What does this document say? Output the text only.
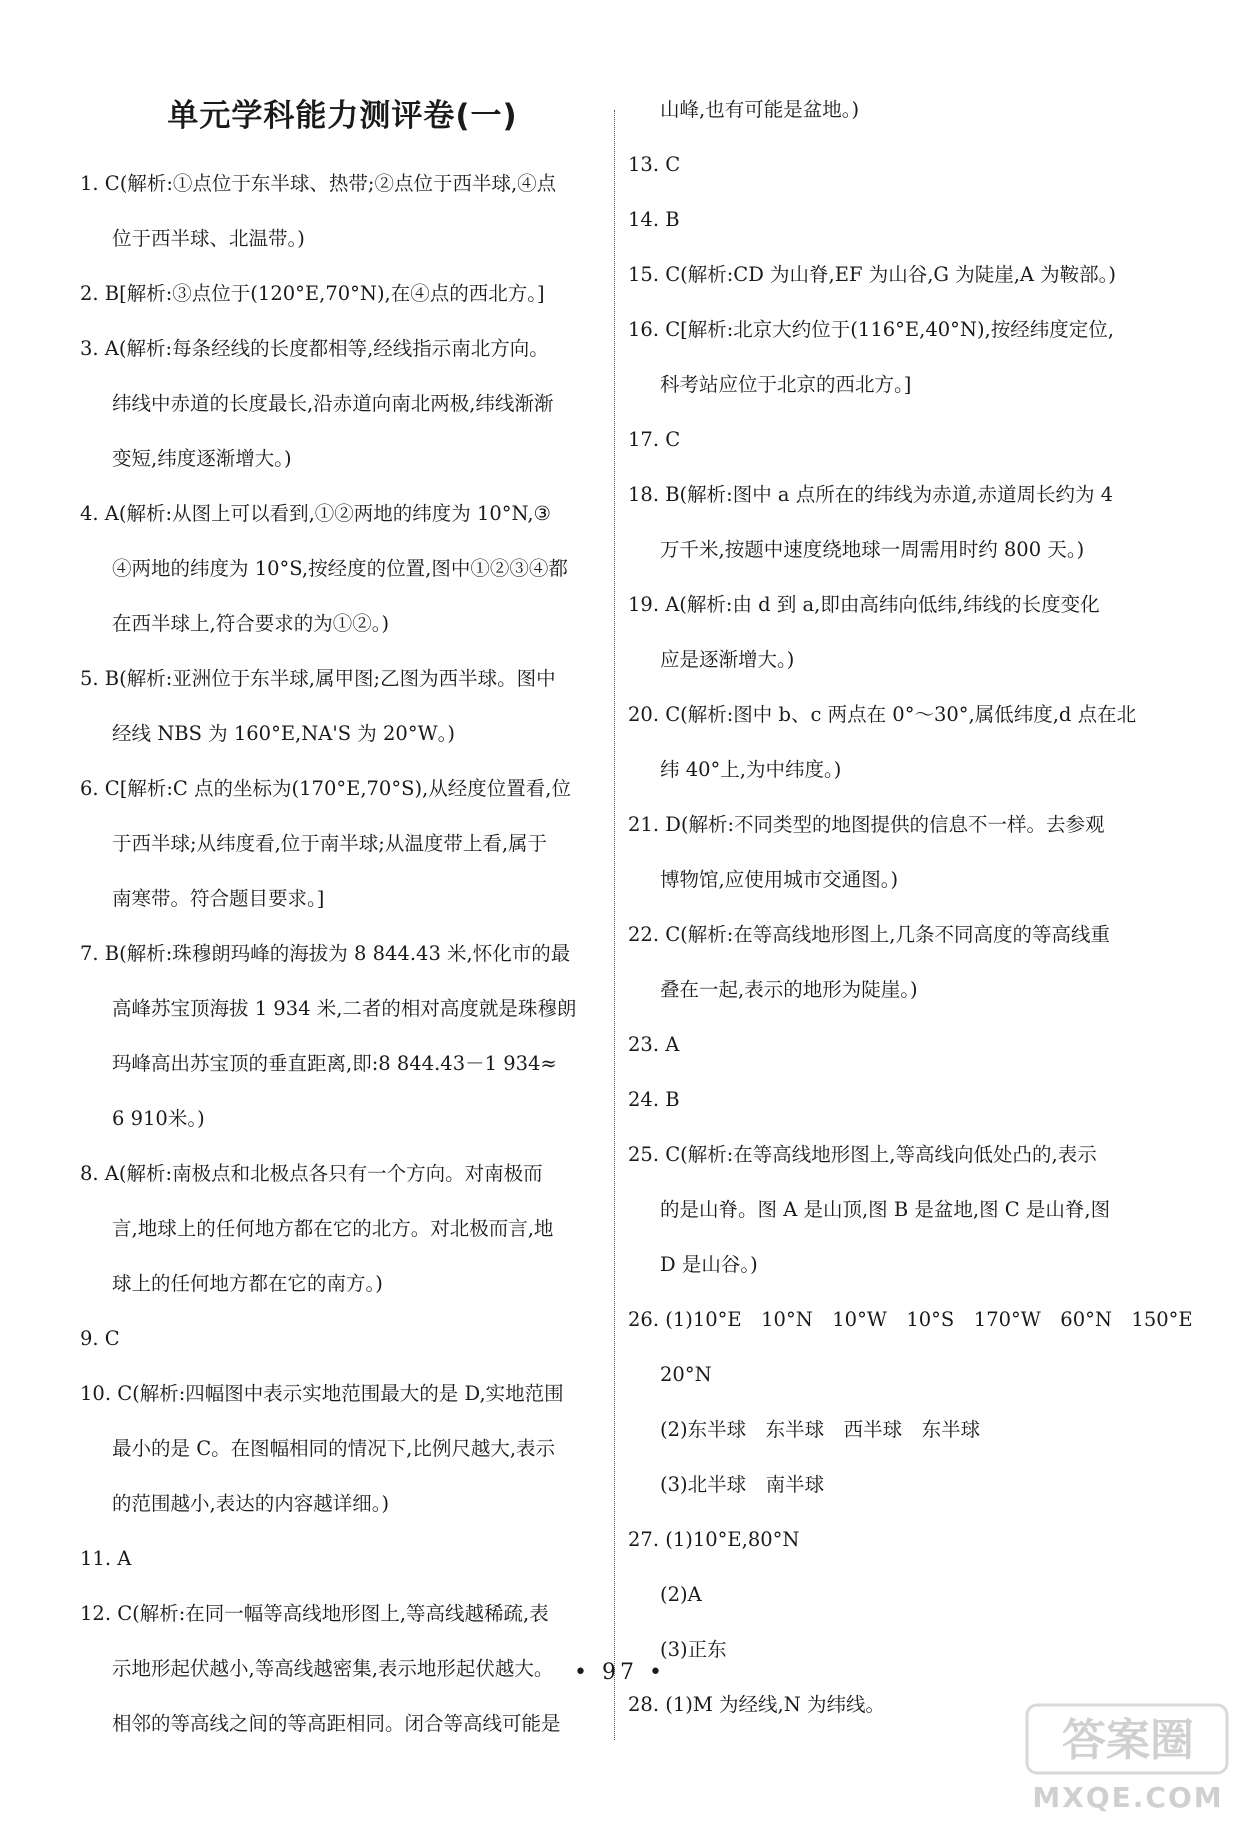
单元学科能力测评卷(一)
1. C(解析:①点位于东半球、热带;②点位于西半球,④点
位于西半球、北温带。)
2. B[解析:③点位于(120°E,70°N),在④点的西北方。]
3. A(解析:每条经线的长度都相等,经线指示南北方向。
纬线中赤道的长度最长,沿赤道向南北两极,纬线渐渐
变短,纬度逐渐增大。)
4. A(解析:从图上可以看到,①②两地的纬度为 10°N,③
④两地的纬度为 10°S,按经度的位置,图中①②③④都
在西半球上,符合要求的为①②。)
5. B(解析:亚洲位于东半球,属甲图;乙图为西半球。图中
经线 NBS 为 160°E,NA'S 为 20°W。)
6. C[解析:C 点的坐标为(170°E,70°S),从经度位置看,位
于西半球;从纬度看,位于南半球;从温度带上看,属于
南寒带。符合题目要求。]
7. B(解析:珠穆朗玛峰的海拔为 8 844.43 米,怀化市的最
高峰苏宝顶海拔 1 934 米,二者的相对高度就是珠穆朗
玛峰高出苏宝顶的垂直距离,即:8 844.43－1 934≈
6 910米。)
8. A(解析:南极点和北极点各只有一个方向。对南极而
言,地球上的任何地方都在它的北方。对北极而言,地
球上的任何地方都在它的南方。)
9. C
10. C(解析:四幅图中表示实地范围最大的是 D,实地范围
最小的是 C。在图幅相同的情况下,比例尺越大,表示
的范围越小,表达的内容越详细。)
11. A
12. C(解析:在同一幅等高线地形图上,等高线越稀疏,表
示地形起伏越小,等高线越密集,表示地形起伏越大。
相邻的等高线之间的等高距相同。闭合等高线可能是
山峰,也有可能是盆地。)
13. C
14. B
15. C(解析:CD 为山脊,EF 为山谷,G 为陡崖,A 为鞍部。)
16. C[解析:北京大约位于(116°E,40°N),按经纬度定位,
科考站应位于北京的西北方。]
17. C
18. B(解析:图中 a 点所在的纬线为赤道,赤道周长约为 4
万千米,按题中速度绕地球一周需用时约 800 天。)
19. A(解析:由 d 到 a,即由高纬向低纬,纬线的长度变化
应是逐渐增大。)
20. C(解析:图中 b、c 两点在 0°～30°,属低纬度,d 点在北
纬 40°上,为中纬度。)
21. D(解析:不同类型的地图提供的信息不一样。去参观
博物馆,应使用城市交通图。)
22. C(解析:在等高线地形图上,几条不同高度的等高线重
叠在一起,表示的地形为陡崖。)
23. A
24. B
25. C(解析:在等高线地形图上,等高线向低处凸的,表示
的是山脊。图 A 是山顶,图 B 是盆地,图 C 是山脊,图
D 是山谷。)
26. (1)10°E　10°N　10°W　10°S　170°W　60°N　150°E
20°N
(2)东半球　东半球　西半球　东半球
(3)北半球　南半球
27. (1)10°E,80°N
(2)A
(3)正东
28. (1)M 为经线,N 为纬线。
• 97 •
答案圈
MXQE.COM
